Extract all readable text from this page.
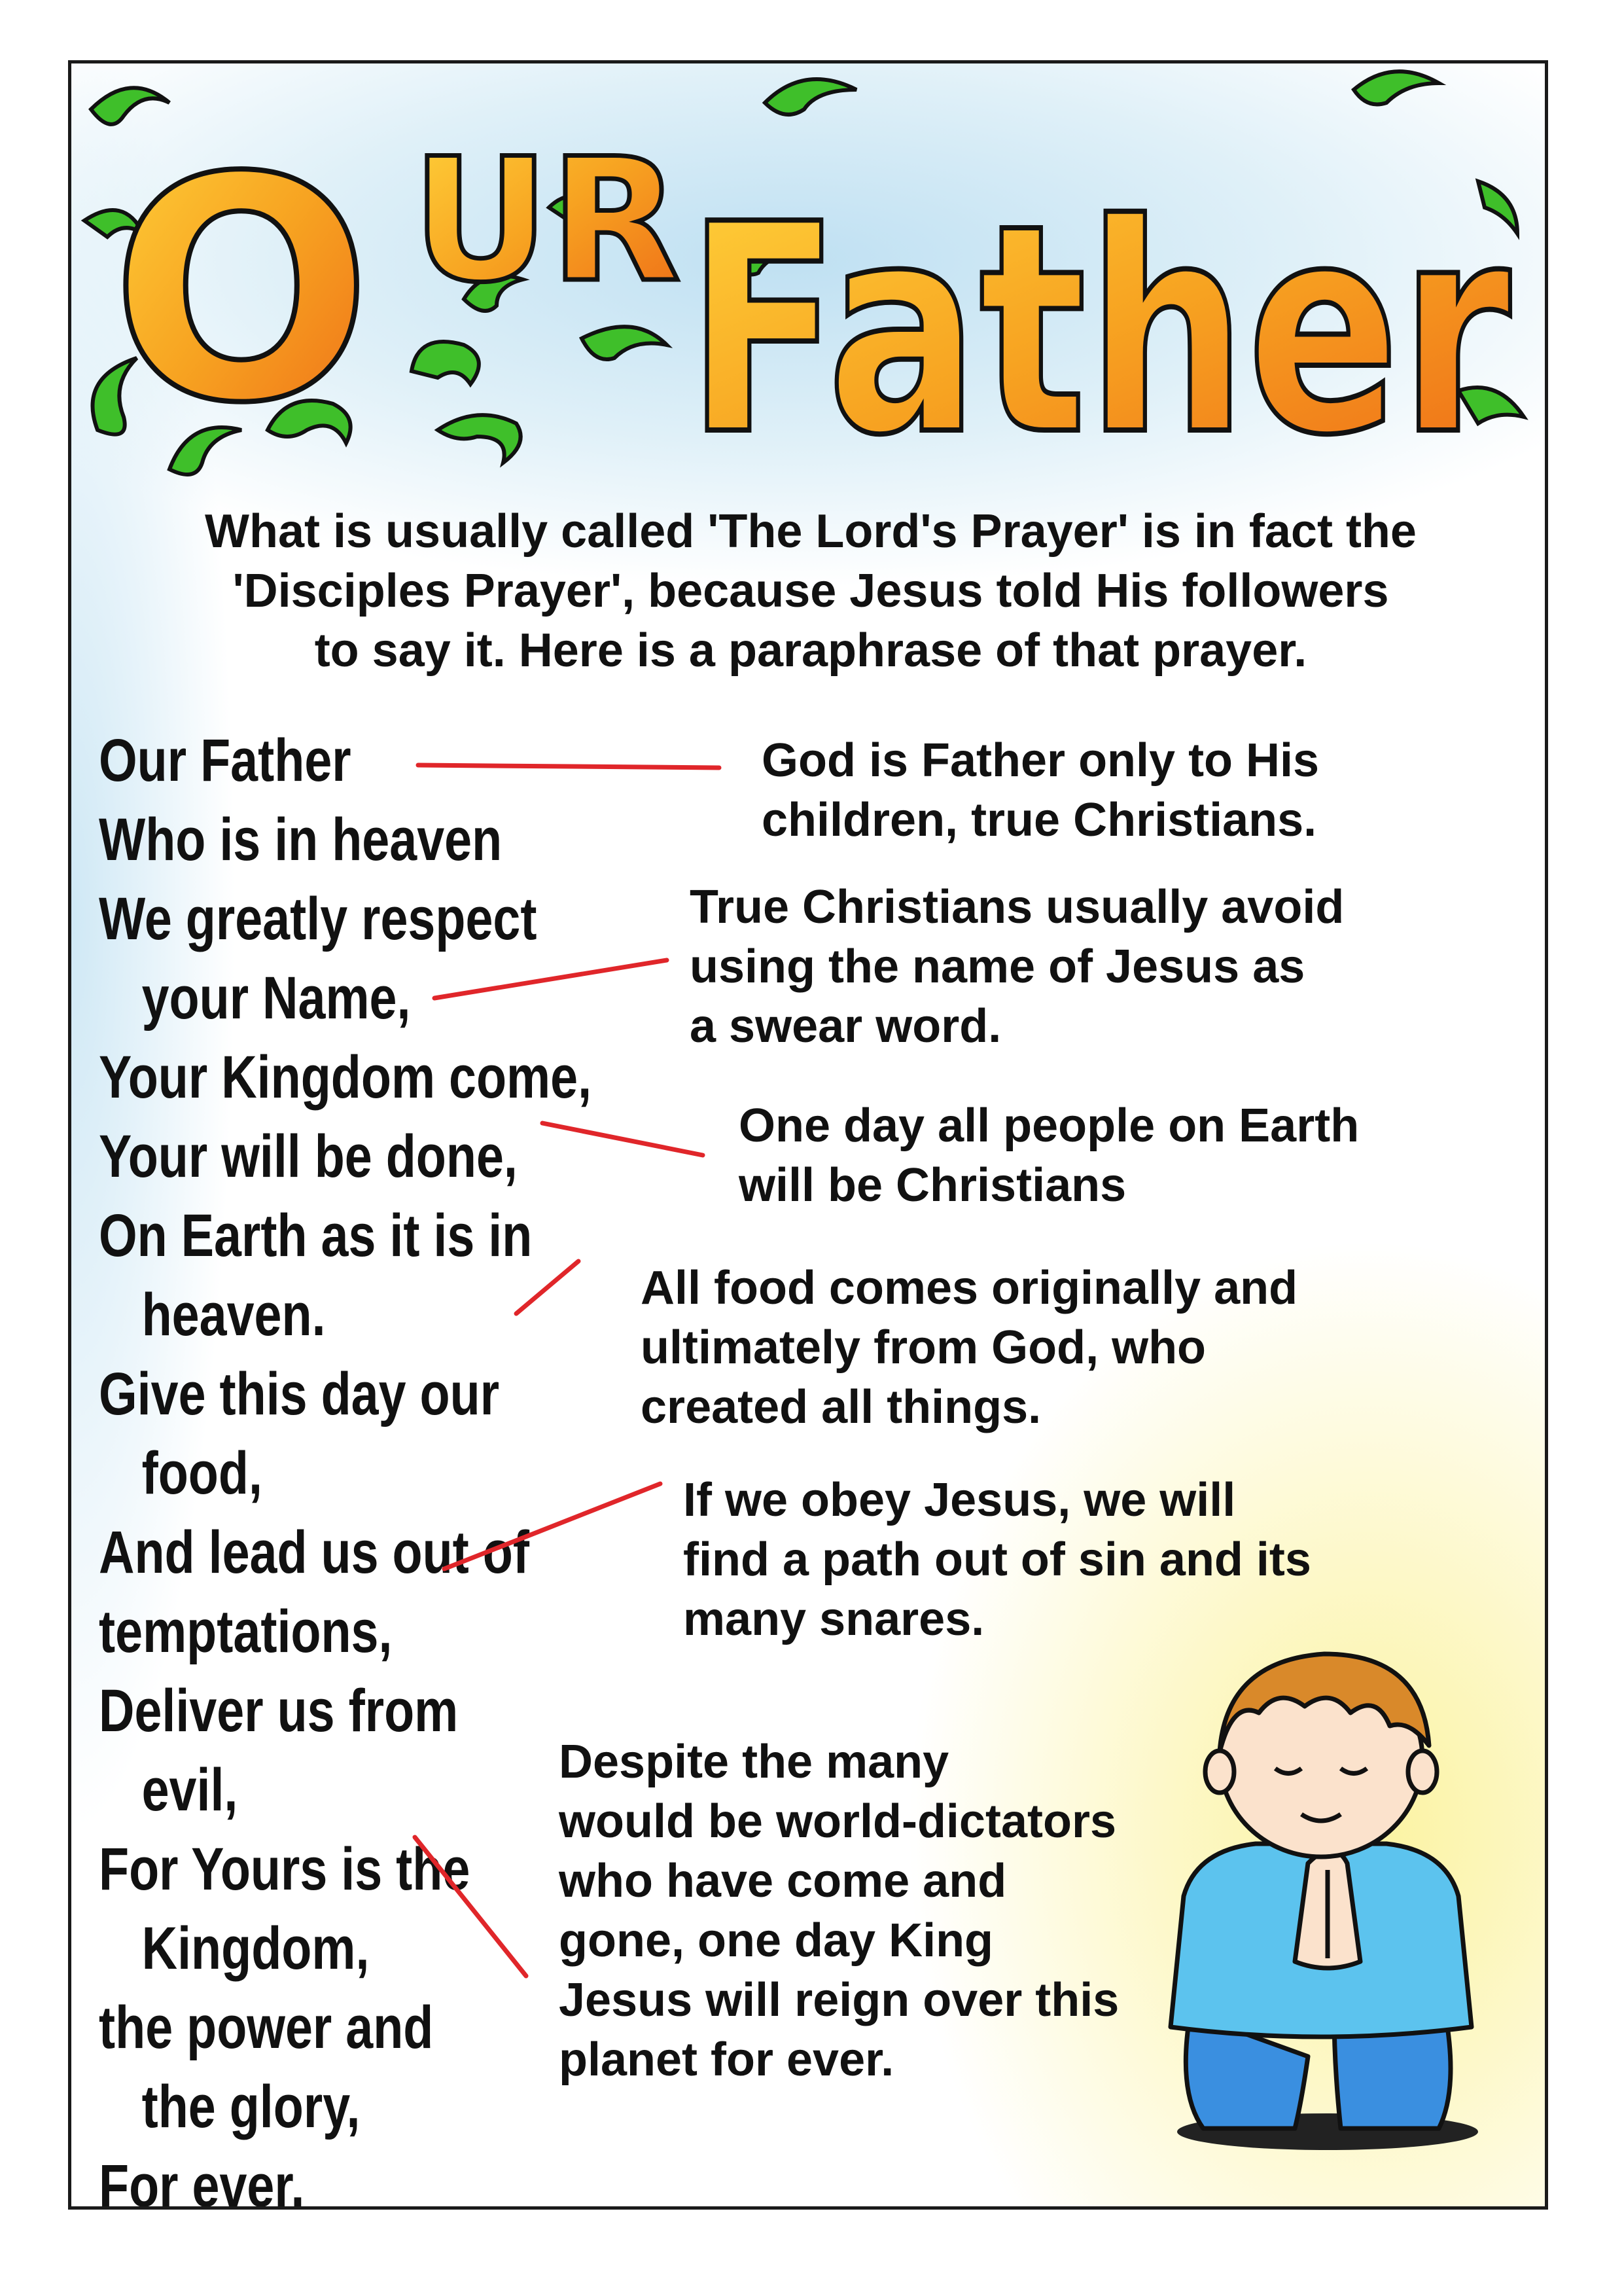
O UR Father
What is usually called 'The Lord's Prayer' is in fact the
'Disciples Prayer', because Jesus told His followers
to say it. Here is a paraphrase of that prayer.
Our Father
Who is in heaven
We greatly respect
your Name,
Your Kingdom come,
Your will be done,
On Earth as it is in
heaven.
Give this day our
food,
And lead us out of
temptations,
Deliver us from
evil,
For Yours is the
Kingdom,
the power and
the glory,
For ever.
God is Father only to His
children, true Christians.
True Christians usually avoid
using the name of Jesus as
a swear word.
One day all people on Earth
will be Christians
All food comes originally and
ultimately from God, who
created all things.
If we obey Jesus, we will
find a path out of sin and its
many snares.
Despite the many
would be world-dictators
who have come and
gone, one day King
Jesus will reign over this
planet for ever.
